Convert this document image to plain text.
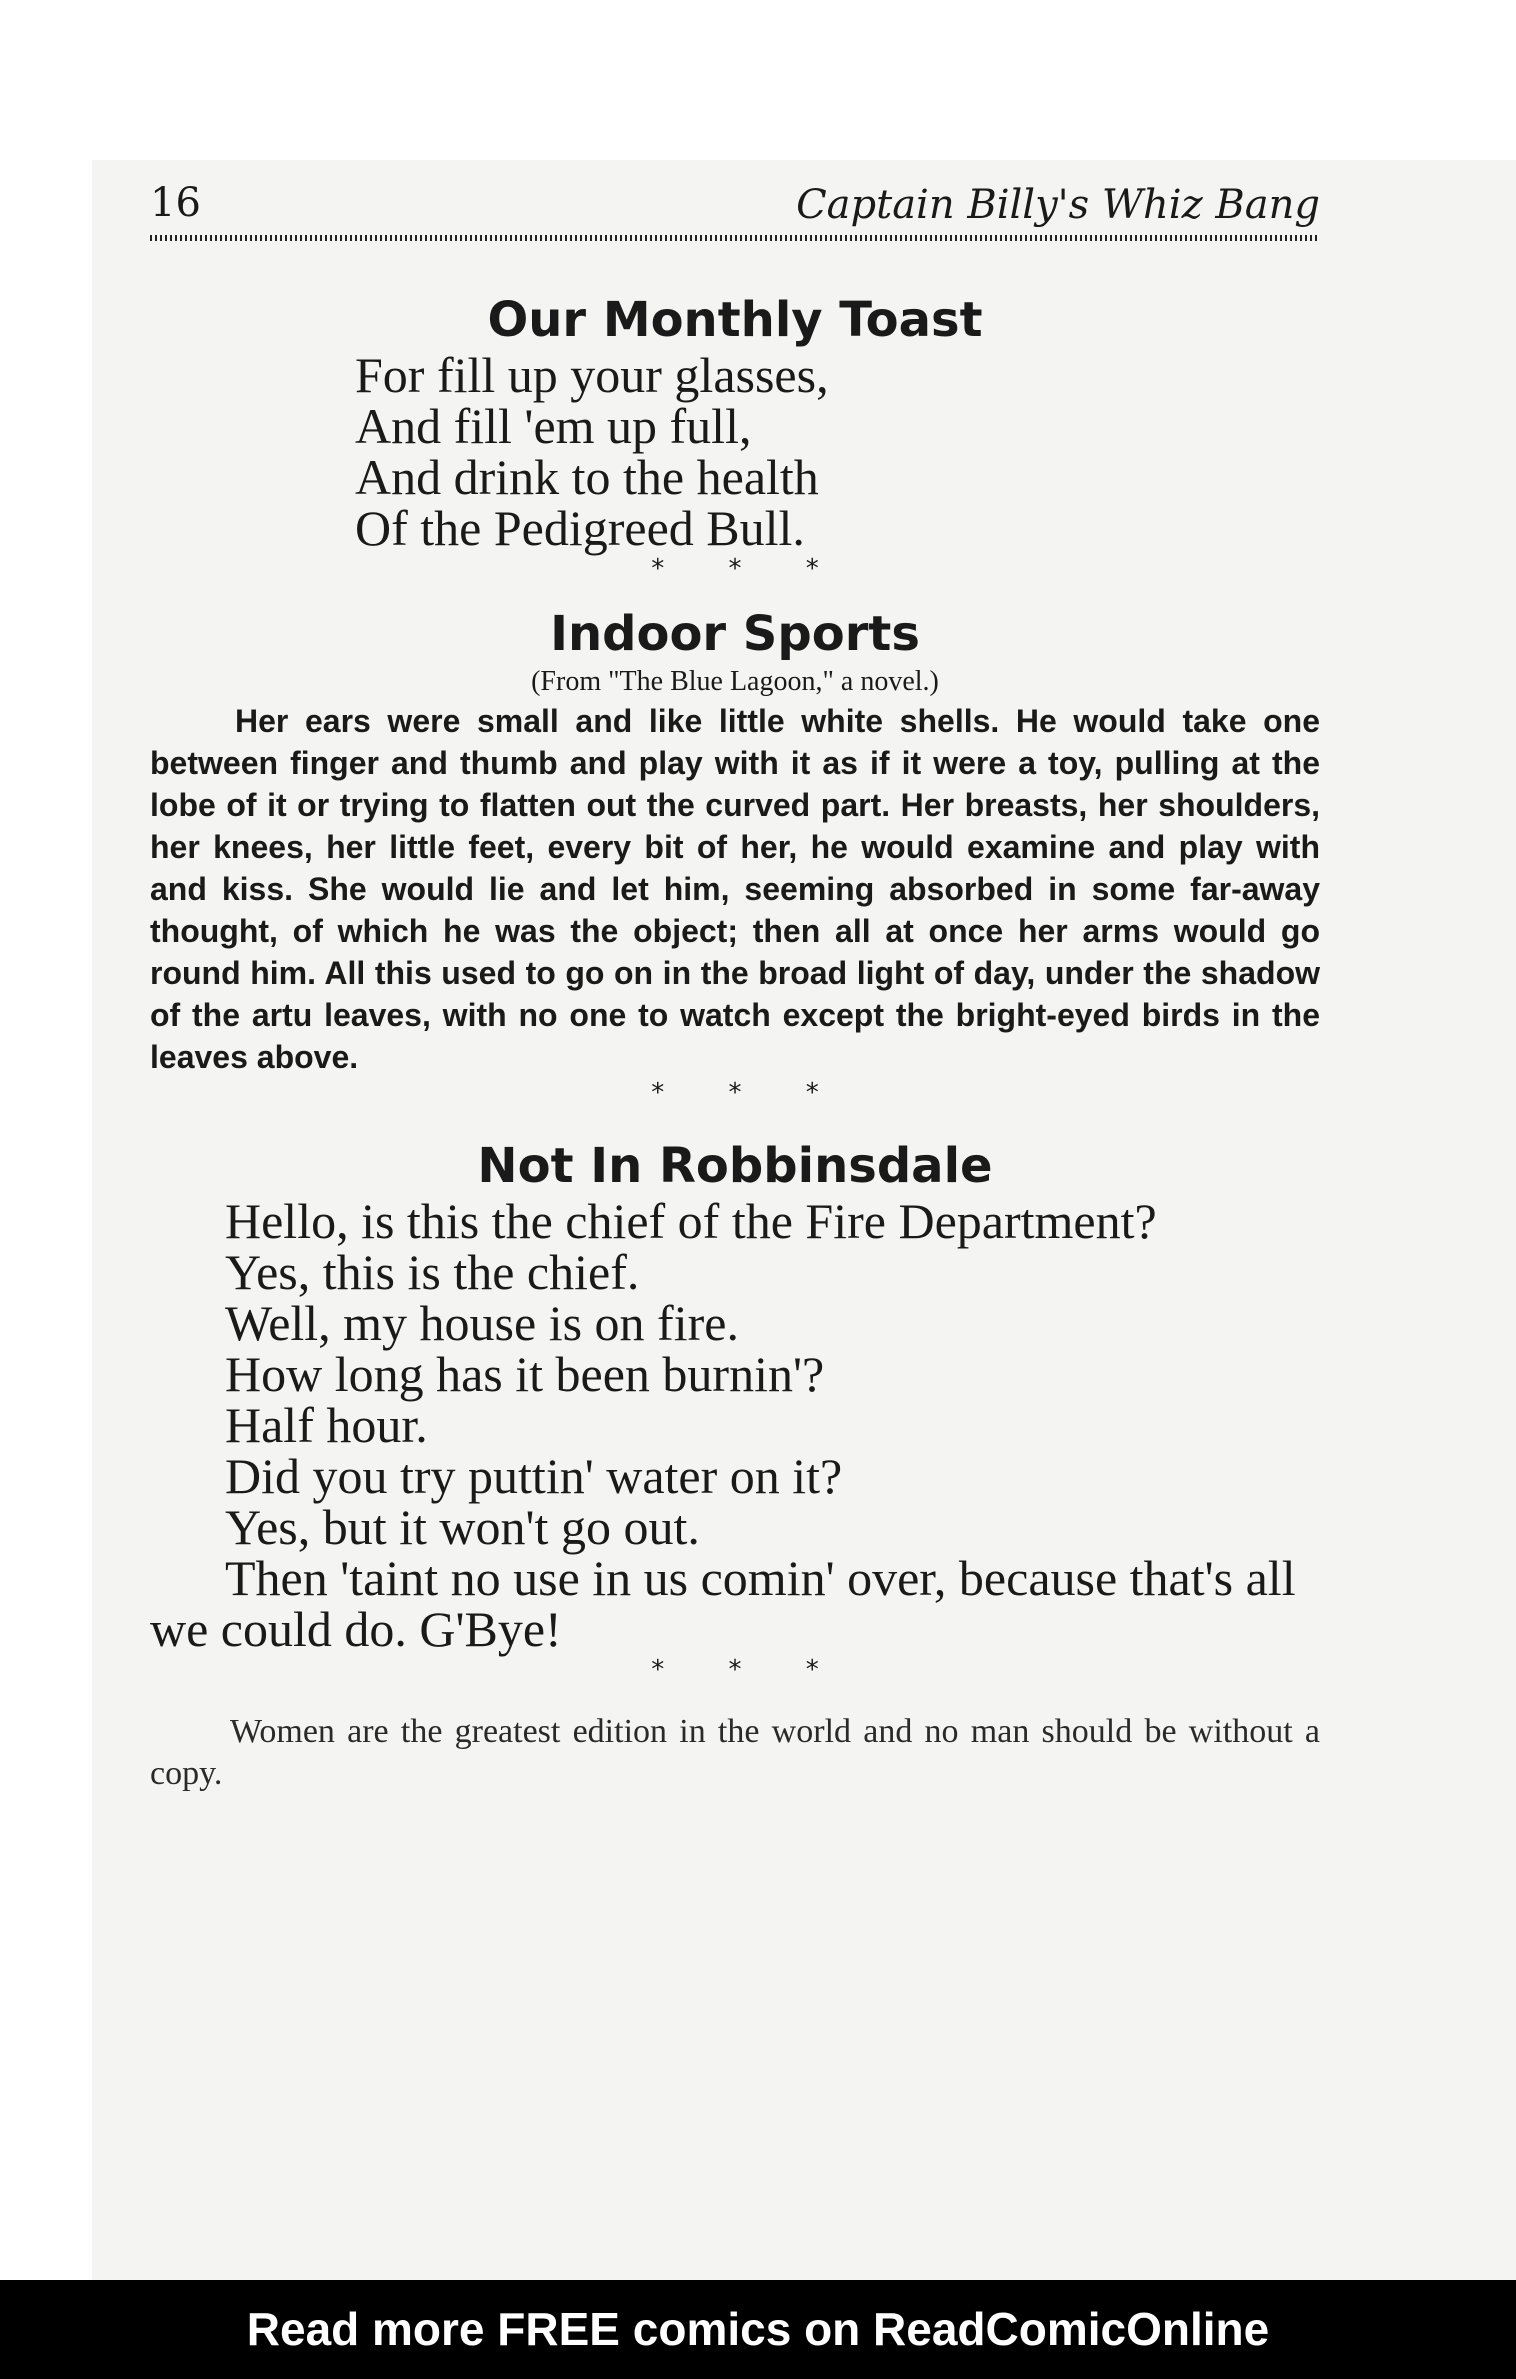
16	Captain Billy's Whiz Bang
Our Monthly Toast
For fill up your glasses,
And fill 'em up full,
And drink to the health
Of the Pedigreed Bull.
* * *
Indoor Sports

(From "The Blue Lagoon," a novel.)

Her ears were small and like little white shells. He would take one between finger and thumb and play with it as if it were a toy, pulling at the lobe of it or trying to flatten out the curved part. Her breasts, her shoulders, her knees, her little feet, every bit of her, he would examine and play with and kiss. She would lie and let him, seeming absorbed in some far-away thought, of which he was the object; then all at once her arms would go round him. All this used to go on in the broad light of day, under the shadow of the artu leaves, with no one to watch except the bright-eyed birds in the leaves above.

* * *
Not In Robbinsdale

Hello, is this the chief of the Fire Department?

Yes, this is the chief.

Well, my house is on fire.

How long has it been burnin'?

Half hour.

Did you try puttin' water on it?

Yes, but it won't go out.

Then 'taint no use in us comin' over, because that's all we could do. G'Bye!

* * *

Women are the greatest edition in the world and no man should be without a copy.

Read more FREE comics on ReadComicOnline
